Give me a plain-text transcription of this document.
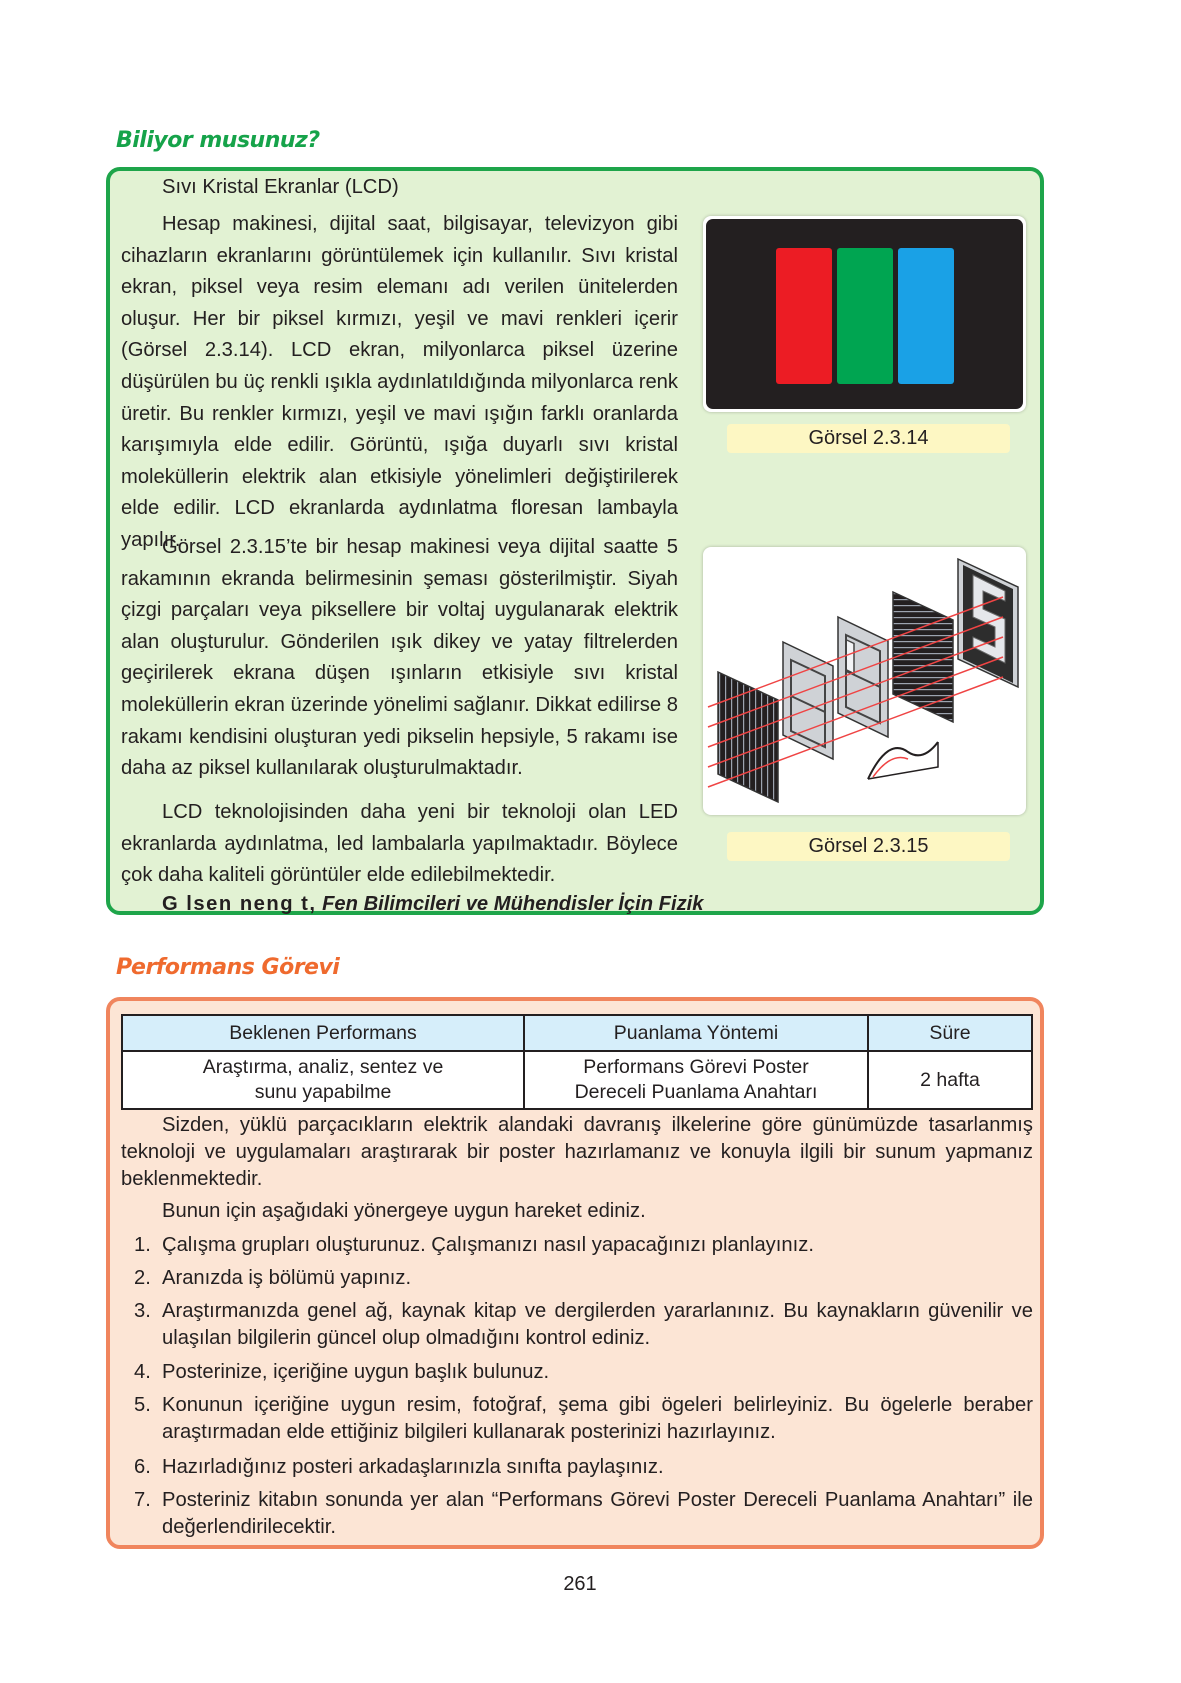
Biliyor musunuz?

Sıvı Kristal Ekranlar (LCD)

Hesap makinesi, dijital saat, bilgisayar, televizyon gibi cihazların ekranlarını görüntülemek için kullanılır. Sıvı kristal ekran, piksel veya resim elemanı adı verilen ünitelerden oluşur. Her bir piksel kırmızı, yeşil ve mavi renkleri içerir (Görsel 2.3.14). LCD ekran, milyonlarca piksel üzerine düşürülen bu üç renkli ışıkla aydınlatıldığında milyonlarca renk üretir. Bu renkler kırmızı, yeşil ve mavi ışığın farklı oranlarda karışımıyla elde edilir. Görüntü, ışığa duyarlı sıvı kristal moleküllerin elektrik alan etkisiyle yönelimleri değiştirilerek elde edilir. LCD ekranlarda aydınlatma floresan lambayla yapılır.

Görsel 2.3.15’te bir hesap makinesi veya dijital saatte 5 rakamının ekranda belirmesinin şeması gösterilmiştir. Siyah çizgi parçaları veya piksellere bir voltaj uygulanarak elektrik alan oluşturulur. Gönderilen ışık dikey ve yatay filtrelerden geçirilerek ekrana düşen ışınların etkisiyle sıvı kristal moleküllerin ekran üzerinde yönelimi sağlanır. Dikkat edilirse 8 rakamı kendisini oluşturan yedi pikselin hepsiyle, 5 rakamı ise daha az piksel kullanılarak oluşturulmaktadır.

LCD teknolojisinden daha yeni bir teknoloji olan LED ekranlarda aydınlatma, led lambalarla yapılmaktadır. Böylece çok daha kaliteli görüntüler elde edilebilmektedir.

G lsen neng t, Fen Bilimcileri ve Mühendisler İçin Fizik
Görsel 2.3.14
Görsel 2.3.15
Performans Görevi
Beklenen Performans	Puanlama Yöntemi	Süre

Araştırma, analiz, sentez ve sunu yapabilme	Performans Görevi Poster Dereceli Puanlama Anahtarı	2 hafta

Sizden, yüklü parçacıkların elektrik alandaki davranış ilkelerine göre günümüzde tasarlanmış teknoloji ve uygulamaları araştırarak bir poster hazırlamanız ve konuyla ilgili bir sunum yapmanız beklenmektedir.

Bunun için aşağıdaki yönergeye uygun hareket ediniz.

1. Çalışma grupları oluşturunuz. Çalışmanızı nasıl yapacağınızı planlayınız.
2. Aranızda iş bölümü yapınız.
3. Araştırmanızda genel ağ, kaynak kitap ve dergilerden yararlanınız. Bu kaynakların güvenilir ve ulaşılan bilgilerin güncel olup olmadığını kontrol ediniz.
4. Posterinize, içeriğine uygun başlık bulunuz.
5. Konunun içeriğine uygun resim, fotoğraf, şema gibi ögeleri belirleyiniz. Bu ögelerle beraber araştırmadan elde ettiğiniz bilgileri kullanarak posterinizi hazırlayınız.
6. Hazırladığınız posteri arkadaşlarınızla sınıfta paylaşınız.
7. Posteriniz kitabın sonunda yer alan “Performans Görevi Poster Dereceli Puanlama Anahtarı” ile değerlendirilecektir.
261
